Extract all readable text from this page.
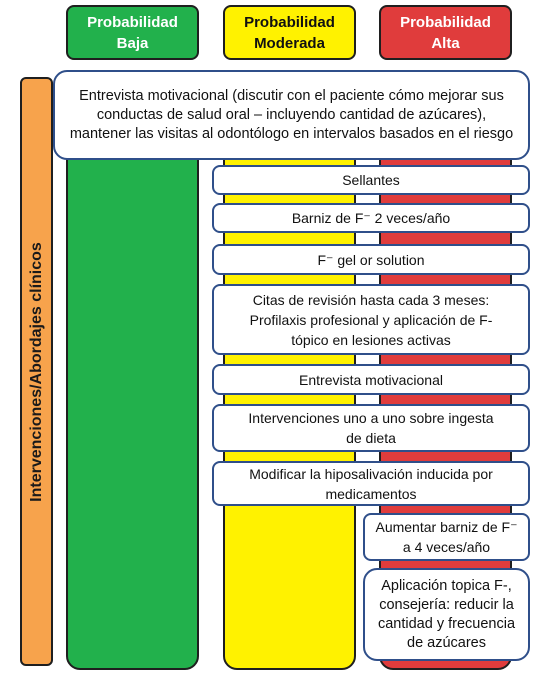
Probabilidad
Baja
Probabilidad
Moderada
Probabilidad
Alta
Intervenciones/Abordajes clínicos
Entrevista motivacional (discutir con el paciente cómo mejorar sus conductas de salud oral – incluyendo cantidad de azúcares), mantener las visitas al odontólogo en intervalos basados en el riesgo
Sellantes
Barniz de F⁻ 2 veces/año
F⁻ gel or solution
Citas de revisión hasta cada 3 meses:
Profilaxis profesional y aplicación de F-
tópico en lesiones activas
Entrevista motivacional
Intervenciones uno a uno sobre ingesta
de dieta
Modificar la hiposalivación inducida por
medicamentos
Aumentar barniz de F⁻
a 4 veces/año
Aplicación topica F-,
consejería: reducir la
cantidad y frecuencia
de azúcares
